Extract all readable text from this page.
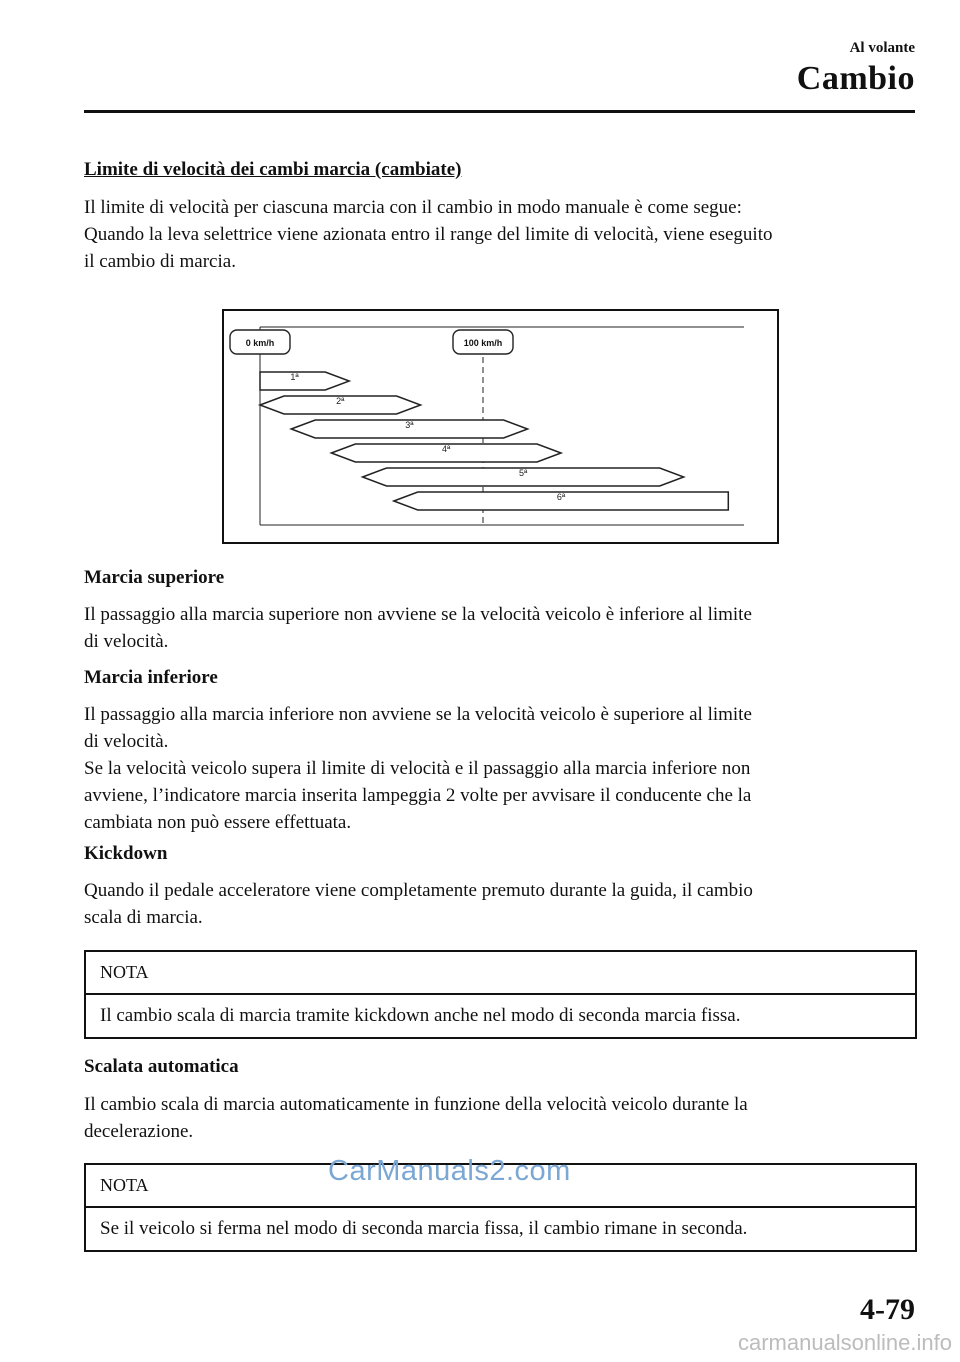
Al volante
Cambio
Limite di velocità dei cambi marcia (cambiate)
Il limite di velocità per ciascuna marcia con il cambio in modo manuale è come segue:
Quando la leva selettrice viene azionata entro il range del limite di velocità, viene eseguito
il cambio di marcia.
0 km/h	100 km/h
1ª
2ª
3ª
4ª
5ª
6ª
Marcia superiore
Il passaggio alla marcia superiore non avviene se la velocità veicolo è inferiore al limite
di velocità.
Marcia inferiore
Il passaggio alla marcia inferiore non avviene se la velocità veicolo è superiore al limite
di velocità.
Se la velocità veicolo supera il limite di velocità e il passaggio alla marcia inferiore non
avviene, l’indicatore marcia inserita lampeggia 2 volte per avvisare il conducente che la
cambiata non può essere effettuata.
Kickdown
Quando il pedale acceleratore viene completamente premuto durante la guida, il cambio
scala di marcia.
NOTA
Il cambio scala di marcia tramite kickdown anche nel modo di seconda marcia fissa.
Scalata automatica
Il cambio scala di marcia automaticamente in funzione della velocità veicolo durante la
decelerazione.
NOTA
Se il veicolo si ferma nel modo di seconda marcia fissa, il cambio rimane in seconda.
CarManuals2.com
4-79
carmanualsonline.info
